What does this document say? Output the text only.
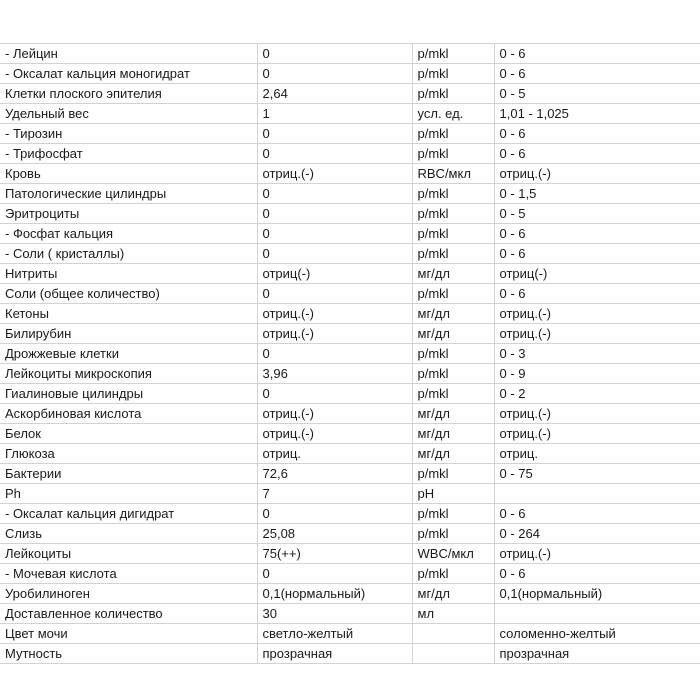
- Лейцин	0	p/mkl	0 - 6
- Оксалат кальция моногидрат	0	p/mkl	0 - 6
Клетки плоского эпителия	2,64	p/mkl	0 - 5
Удельный вес	1	усл. ед.	1,01 - 1,025
- Тирозин	0	p/mkl	0 - 6
- Трифосфат	0	p/mkl	0 - 6
Кровь	отриц.(-)	RBC/мкл	отриц.(-)
Патологические цилиндры	0	p/mkl	0 - 1,5
Эритроциты	0	p/mkl	0 - 5
- Фосфат кальция	0	p/mkl	0 - 6
- Соли ( кристаллы)	0	p/mkl	0 - 6
Нитриты	отриц(-)	мг/дл	отриц(-)
Соли (общее количество)	0	p/mkl	0 - 6
Кетоны	отриц.(-)	мг/дл	отриц.(-)
Билирубин	отриц.(-)	мг/дл	отриц.(-)
Дрожжевые клетки	0	p/mkl	0 - 3
Лейкоциты микроскопия	3,96	p/mkl	0 - 9
Гиалиновые цилиндры	0	p/mkl	0 - 2
Аскорбиновая кислота	отриц.(-)	мг/дл	отриц.(-)
Белок	отриц.(-)	мг/дл	отриц.(-)
Глюкоза	отриц.	мг/дл	отриц.
Бактерии	72,6	p/mkl	0 - 75
Ph	7	pH	
- Оксалат кальция дигидрат	0	p/mkl	0 - 6
Слизь	25,08	p/mkl	0 - 264
Лейкоциты	75(++)	WBC/мкл	отриц.(-)
- Мочевая кислота	0	p/mkl	0 - 6
Уробилиноген	0,1(нормальный)	мг/дл	0,1(нормальный)
Доставленное количество	30	мл	
Цвет мочи	светло-желтый		соломенно-желтый
Мутность	прозрачная		прозрачная
